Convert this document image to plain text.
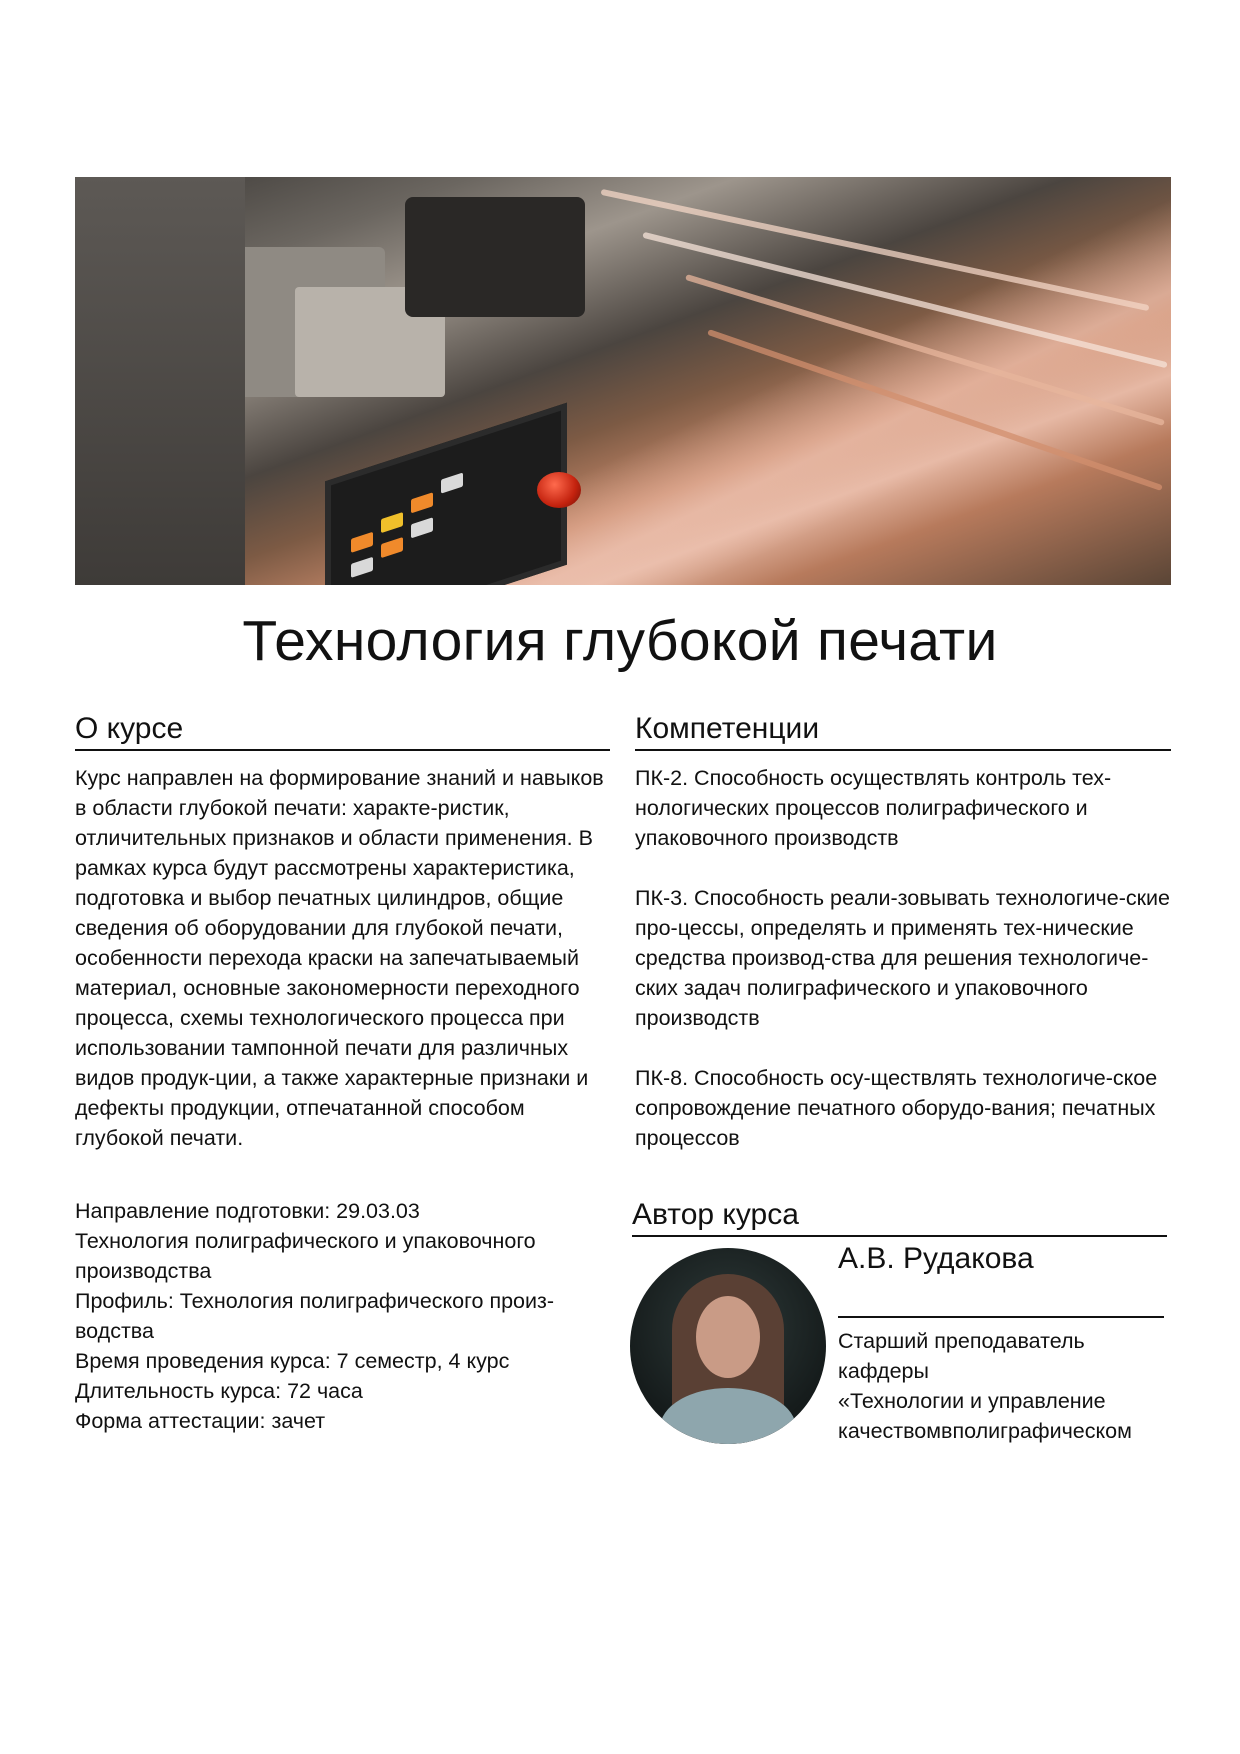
Технология глубокой печати
О курсе

Курс направлен на формирование знаний и навыков в области глубокой печати: характе-ристик, отличительных признаков и области применения. В рамках курса будут рассмотрены характеристика, подготовка и выбор печатных цилиндров, общие сведения об оборудовании для глубокой печати, особенности перехода краски на запечатываемый материал, основные закономерности переходного процесса, схемы технологического процесса при использовании тампонной печати для различных видов продук-ции, а также характерные признаки и дефекты продукции, отпечатанной способом глубокой печати.

Направление подготовки: 29.03.03
Технология полиграфического и упаковочного производства
Профиль: Технология полиграфического произ-водства
Время проведения курса: 7 семестр, 4 курс
Длительность курса: 72 часа
Форма аттестации: зачет
Компетенции

ПК-2. Способность осуществлять контроль тех-нологических процессов полиграфического и упаковочного производств

ПК-3. Способность реали-зовывать технологиче-ские про-цессы, определять и применять тех-нические средства производ-ства для решения технологиче-ских задач полиграфического и упаковочного производств

ПК-8. Способность осу-ществлять технологиче-ское сопровождение печатного оборудо-вания; печатных процессов

Автор курса

А.В. Рудакова

Старший преподаватель
кафдеры
«Технологии и управление
качествомвполиграфическом
